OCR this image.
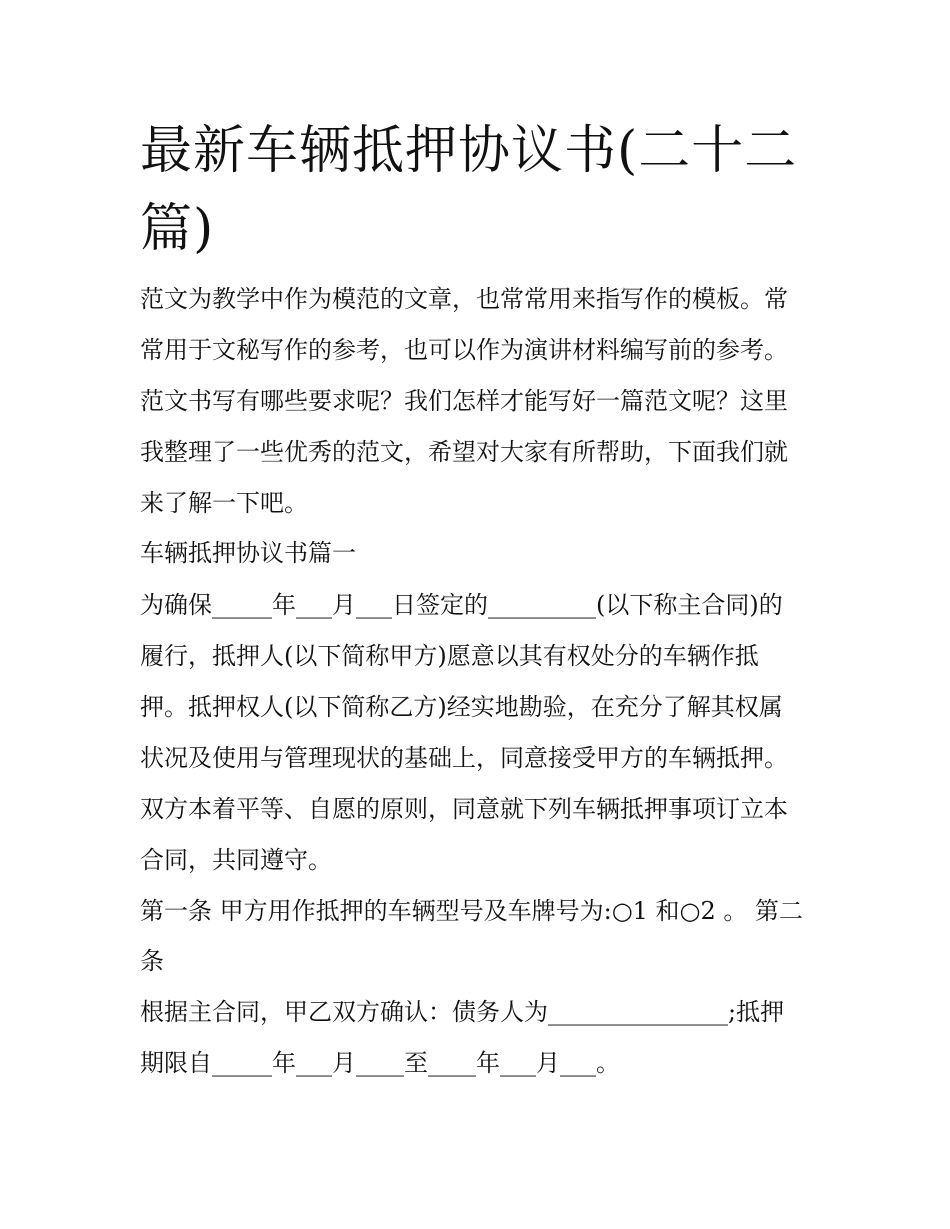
最新车辆抵押协议书(二十二篇)

范文为教学中作为模范的文章，也常常用来指写作的模板。常

常用于文秘写作的参考，也可以作为演讲材料编写前的参考。

范文书写有哪些要求呢？我们怎样才能写好一篇范文呢？这里

我整理了一些优秀的范文，希望对大家有所帮助，下面我们就

来了解一下吧。

车辆抵押协议书篇一

为确保_____年___月___日签定的_________(以下称主合同)的

履行，抵押人(以下简称甲方)愿意以其有权处分的车辆作抵

押。抵押权人(以下简称乙方)经实地勘验，在充分了解其权属

状况及使用与管理现状的基础上，同意接受甲方的车辆抵押。

双方本着平等、自愿的原则，同意就下列车辆抵押事项订立本

合同，共同遵守。

第一条 甲方用作抵押的车辆型号及车牌号为:○1 和○2 。 第二

条

根据主合同，甲乙双方确认：债务人为_______________;抵押

期限自_____年___月____至____年___月___。
